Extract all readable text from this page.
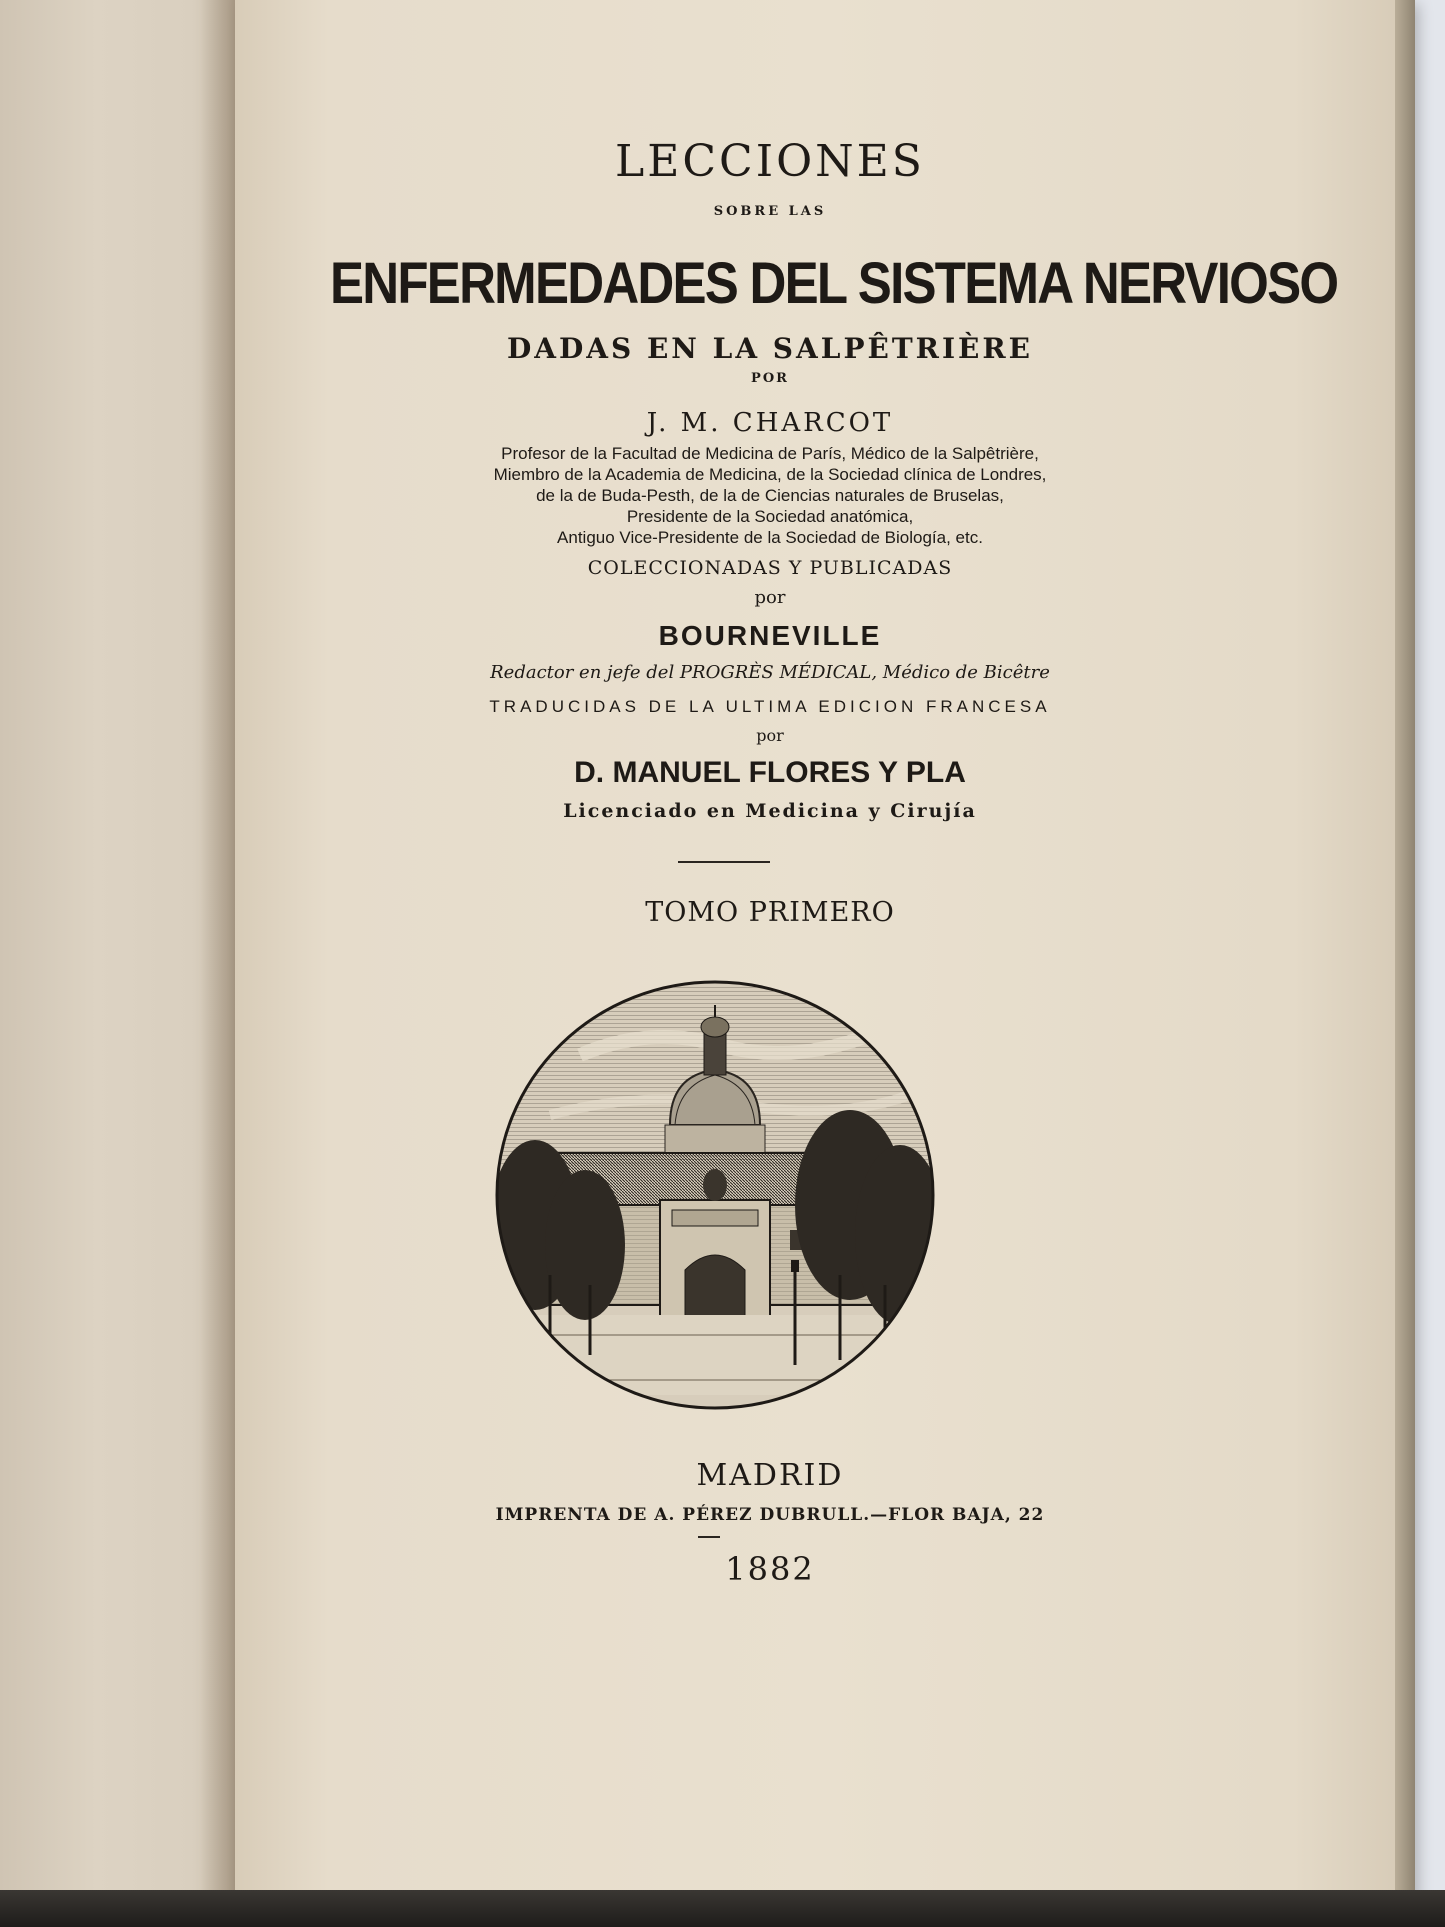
LECCIONES
SOBRE LAS
ENFERMEDADES DEL SISTEMA NERVIOSO
DADAS EN LA SALPÊTRIÈRE
POR
J. M. CHARCOT
Profesor de la Facultad de Medicina de París, Médico de la Salpêtrière,
Miembro de la Academia de Medicina, de la Sociedad clínica de Londres,
de la de Buda-Pesth, de la de Ciencias naturales de Bruselas,
Presidente de la Sociedad anatómica,
Antiguo Vice-Presidente de la Sociedad de Biología, etc.
COLECCIONADAS Y PUBLICADAS
por
BOURNEVILLE
Redactor en jefe del PROGRÈS MÉDICAL, Médico de Bicêtre
TRADUCIDAS DE LA ULTIMA EDICION FRANCESA
por
D. MANUEL FLORES Y PLA
Licenciado en Medicina y Cirujía
TOMO PRIMERO
MADRID
IMPRENTA DE A. PÉREZ DUBRULL.—FLOR BAJA, 22
1882
